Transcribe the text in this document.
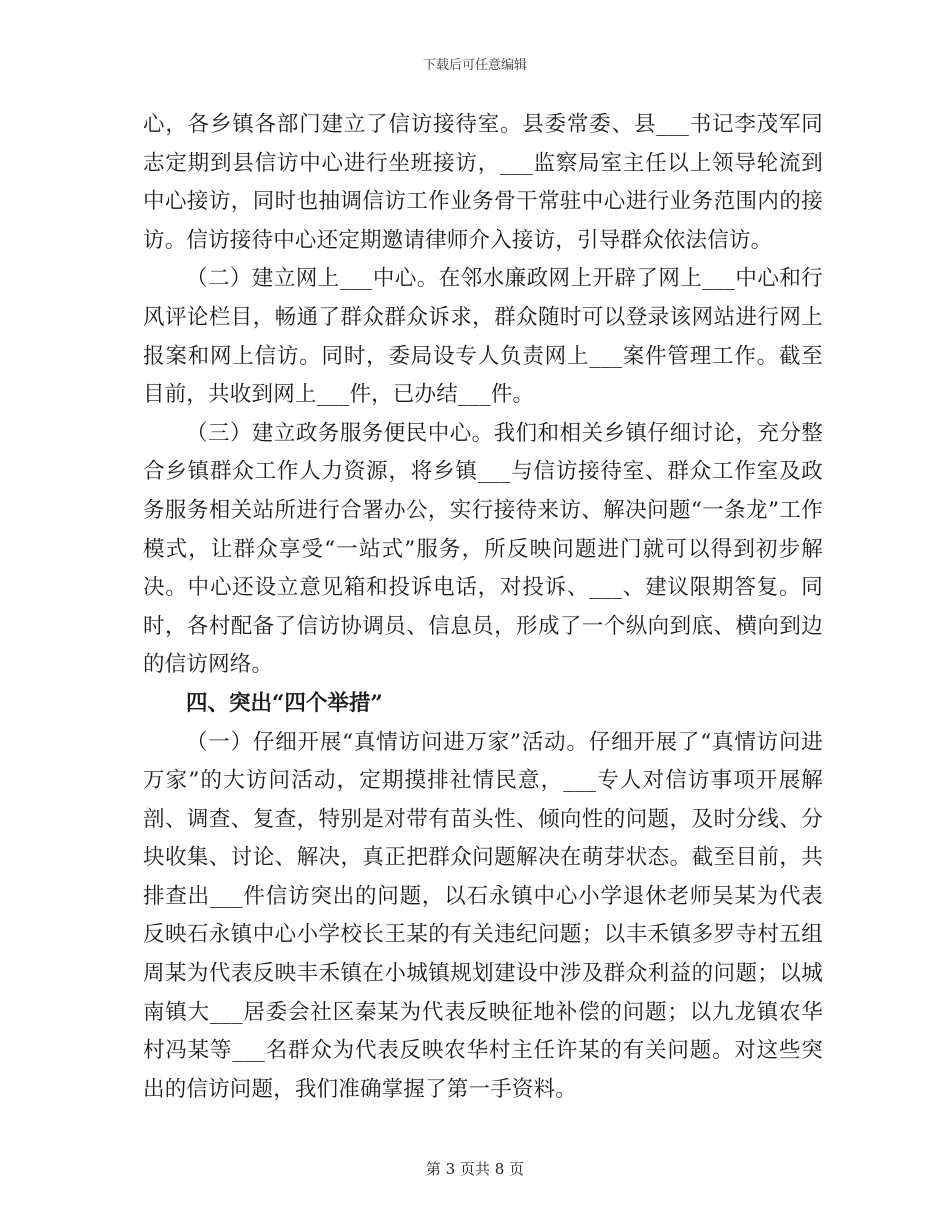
下载后可任意编辑

心，各乡镇各部门建立了信访接待室。县委常委、县___书记李茂军同志定期到县信访中心进行坐班接访，___监察局室主任以上领导轮流到中心接访，同时也抽调信访工作业务骨干常驻中心进行业务范围内的接访。信访接待中心还定期邀请律师介入接访，引导群众依法信访。

（二）建立网上___中心。在邻水廉政网上开辟了网上___中心和行风评论栏目，畅通了群众群众诉求，群众随时可以登录该网站进行网上报案和网上信访。同时，委局设专人负责网上___案件管理工作。截至目前，共收到网上___件，已办结___件。

（三）建立政务服务便民中心。我们和相关乡镇仔细讨论，充分整合乡镇群众工作人力资源，将乡镇___与信访接待室、群众工作室及政务服务相关站所进行合署办公，实行接待来访、解决问题“一条龙”工作模式，让群众享受“一站式”服务，所反映问题进门就可以得到初步解决。中心还设立意见箱和投诉电话，对投诉、___、建议限期答复。同时，各村配备了信访协调员、信息员，形成了一个纵向到底、横向到边的信访网络。

四、突出“四个举措”

（一）仔细开展“真情访问进万家”活动。仔细开展了“真情访问进万家”的大访问活动，定期摸排社情民意，___专人对信访事项开展解剖、调查、复查，特别是对带有苗头性、倾向性的问题，及时分线、分块收集、讨论、解决，真正把群众问题解决在萌芽状态。截至目前，共排查出___件信访突出的问题，以石永镇中心小学退休老师吴某为代表反映石永镇中心小学校长王某的有关违纪问题；以丰禾镇多罗寺村五组周某为代表反映丰禾镇在小城镇规划建设中涉及群众利益的问题；以城南镇大___居委会社区秦某为代表反映征地补偿的问题；以九龙镇农华村冯某等___名群众为代表反映农华村主任许某的有关问题。对这些突出的信访问题，我们准确掌握了第一手资料。

第 3 页共 8 页
